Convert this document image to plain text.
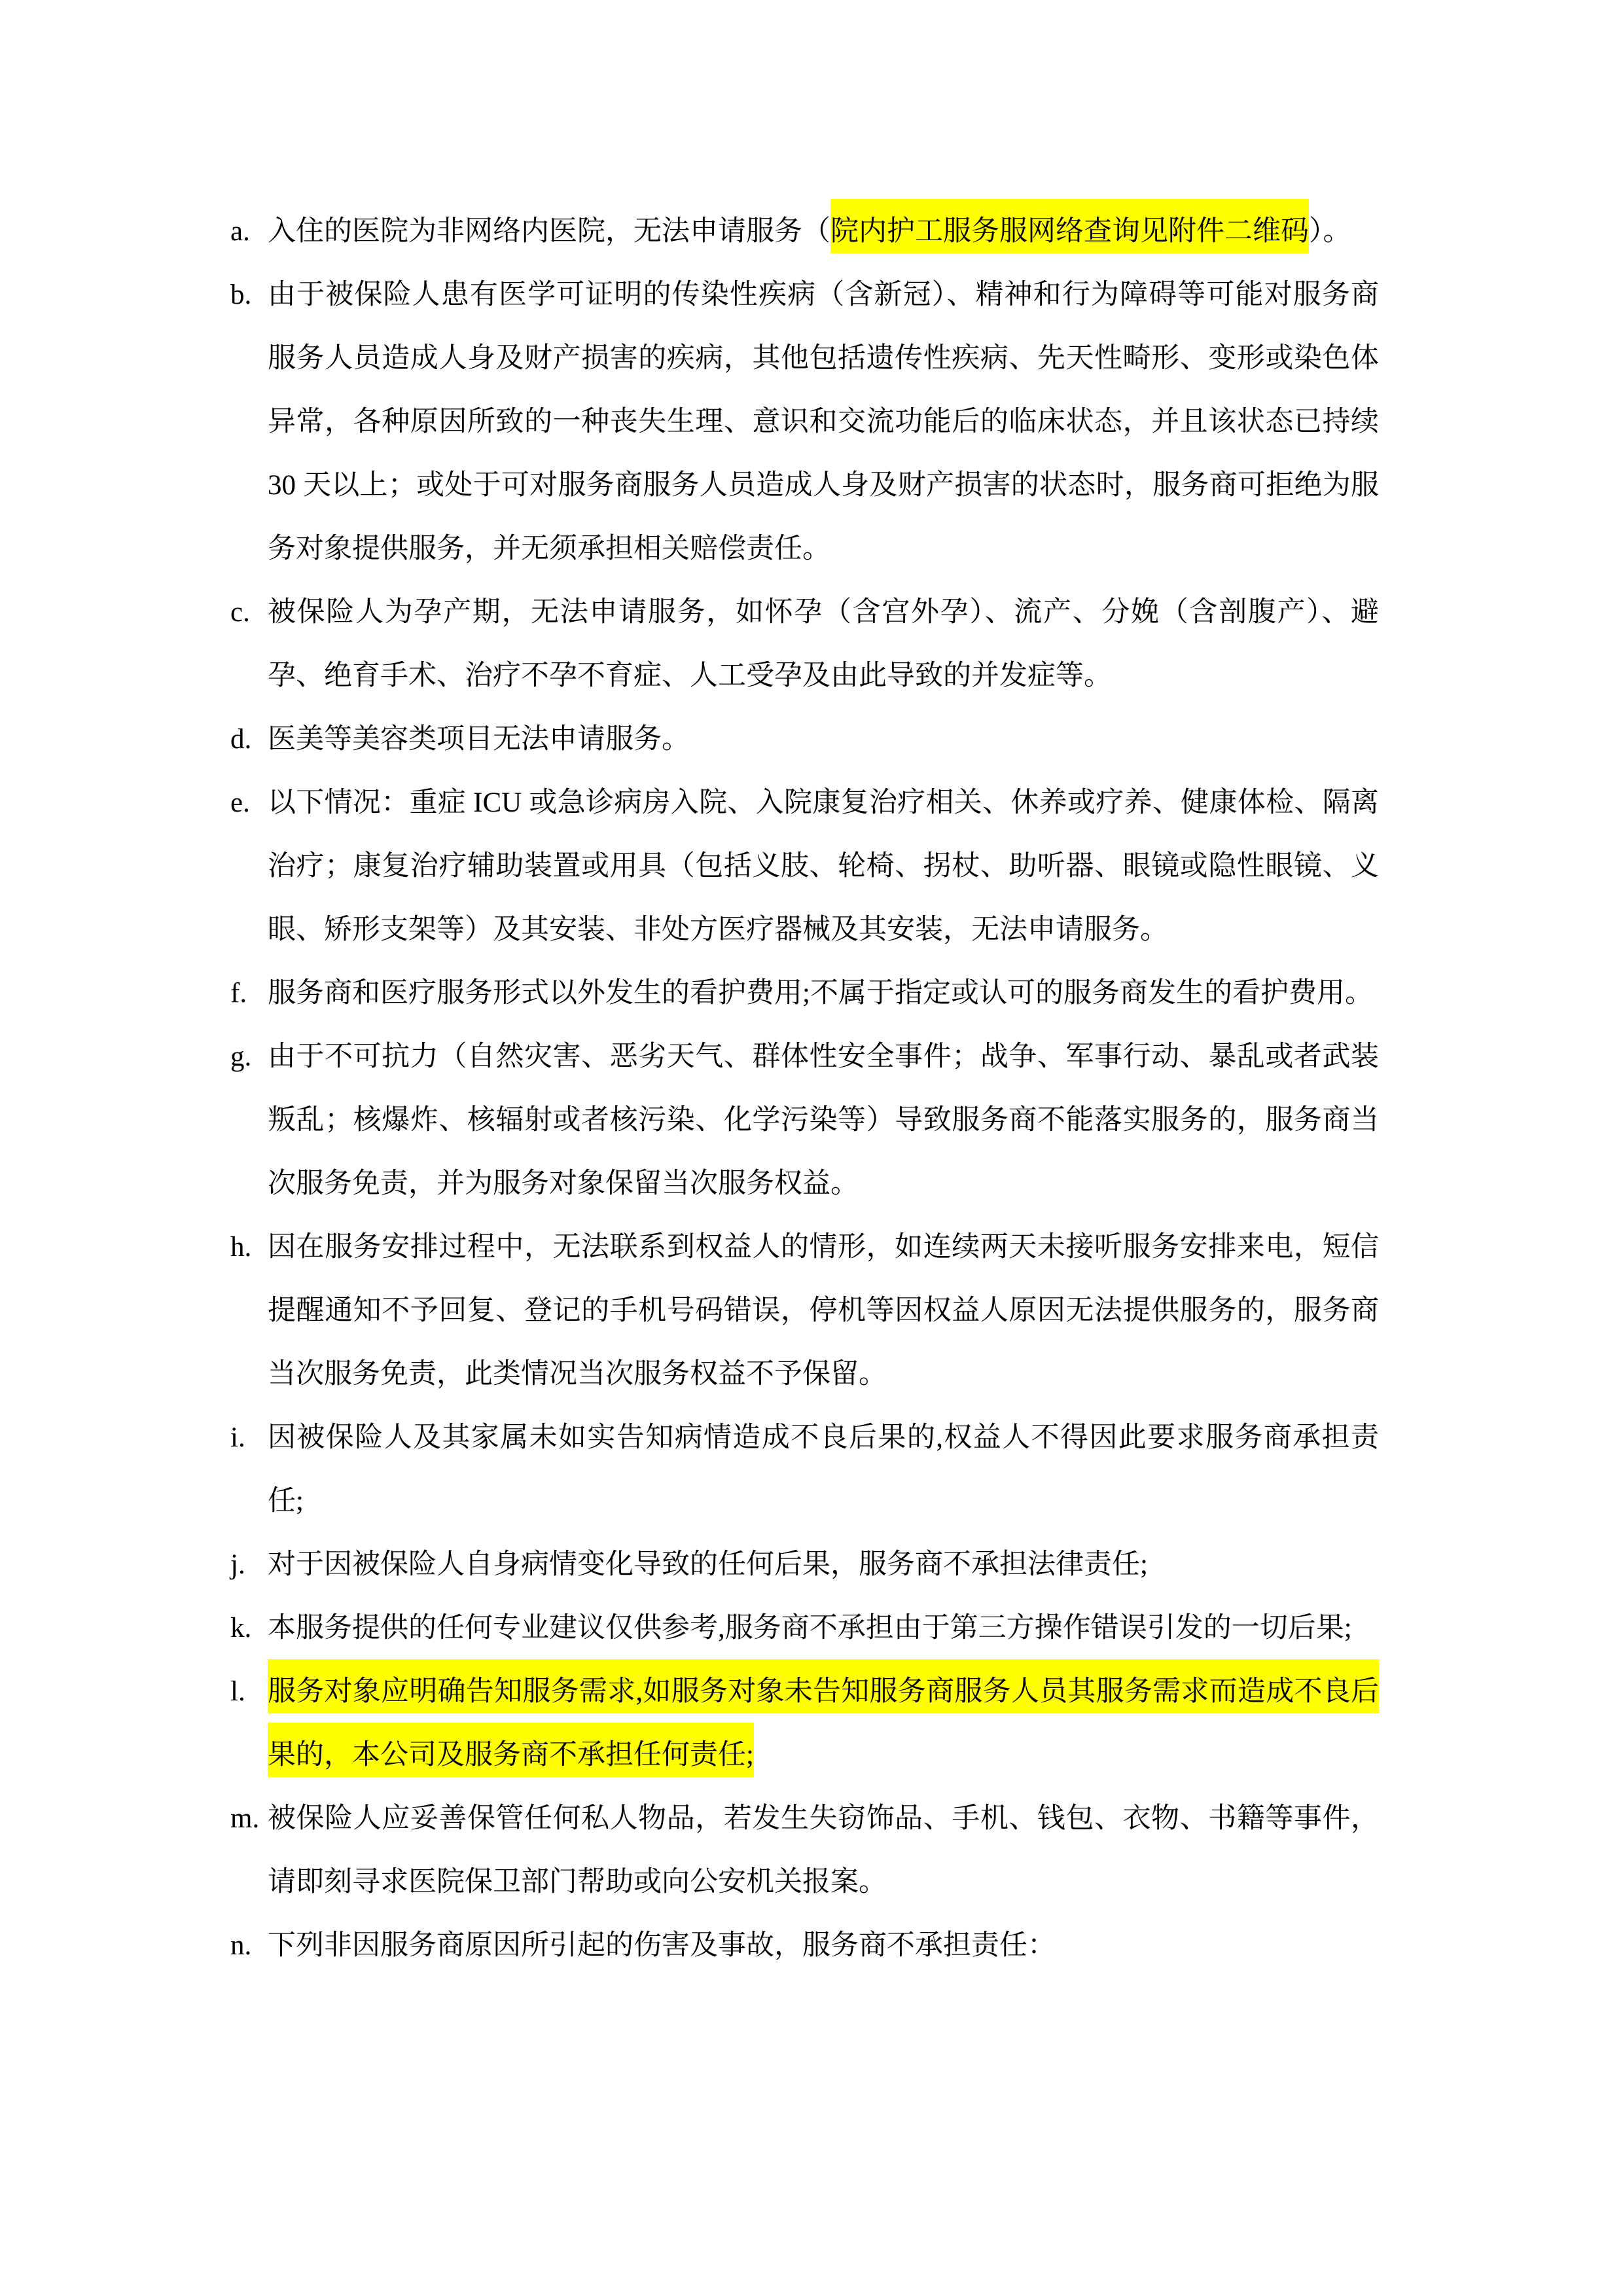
a. 入住的医院为非网络内医院，无法申请服务（院内护工服务服网络查询见附件二维码）。
b. 由于被保险人患有医学可证明的传染性疾病（含新冠）、精神和行为障碍等可能对服务商服务人员造成人身及财产损害的疾病，其他包括遗传性疾病、先天性畸形、变形或染色体异常，各种原因所致的一种丧失生理、意识和交流功能后的临床状态，并且该状态已持续 30 天以上；或处于可对服务商服务人员造成人身及财产损害的状态时，服务商可拒绝为服务对象提供服务，并无须承担相关赔偿责任。
c. 被保险人为孕产期，无法申请服务，如怀孕（含宫外孕）、流产、分娩（含剖腹产）、避孕、绝育手术、治疗不孕不育症、人工受孕及由此导致的并发症等。
d. 医美等美容类项目无法申请服务。
e. 以下情况：重症 ICU 或急诊病房入院、入院康复治疗相关、休养或疗养、健康体检、隔离治疗；康复治疗辅助装置或用具（包括义肢、轮椅、拐杖、助听器、眼镜或隐性眼镜、义眼、矫形支架等）及其安装、非处方医疗器械及其安装，无法申请服务。
f. 服务商和医疗服务形式以外发生的看护费用;不属于指定或认可的服务商发生的看护费用。
g. 由于不可抗力（自然灾害、恶劣天气、群体性安全事件；战争、军事行动、暴乱或者武装叛乱；核爆炸、核辐射或者核污染、化学污染等）导致服务商不能落实服务的，服务商当次服务免责，并为服务对象保留当次服务权益。
h. 因在服务安排过程中，无法联系到权益人的情形，如连续两天未接听服务安排来电，短信提醒通知不予回复、登记的手机号码错误，停机等因权益人原因无法提供服务的，服务商当次服务免责，此类情况当次服务权益不予保留。
i. 因被保险人及其家属未如实告知病情造成不良后果的,权益人不得因此要求服务商承担责任;
j. 对于因被保险人自身病情变化导致的任何后果，服务商不承担法律责任;
k. 本服务提供的任何专业建议仅供参考,服务商不承担由于第三方操作错误引发的一切后果;
l. 服务对象应明确告知服务需求,如服务对象未告知服务商服务人员其服务需求而造成不良后果的，本公司及服务商不承担任何责任;
m. 被保险人应妥善保管任何私人物品，若发生失窃饰品、手机、钱包、衣物、书籍等事件，请即刻寻求医院保卫部门帮助或向公安机关报案。
n. 下列非因服务商原因所引起的伤害及事故，服务商不承担责任：
